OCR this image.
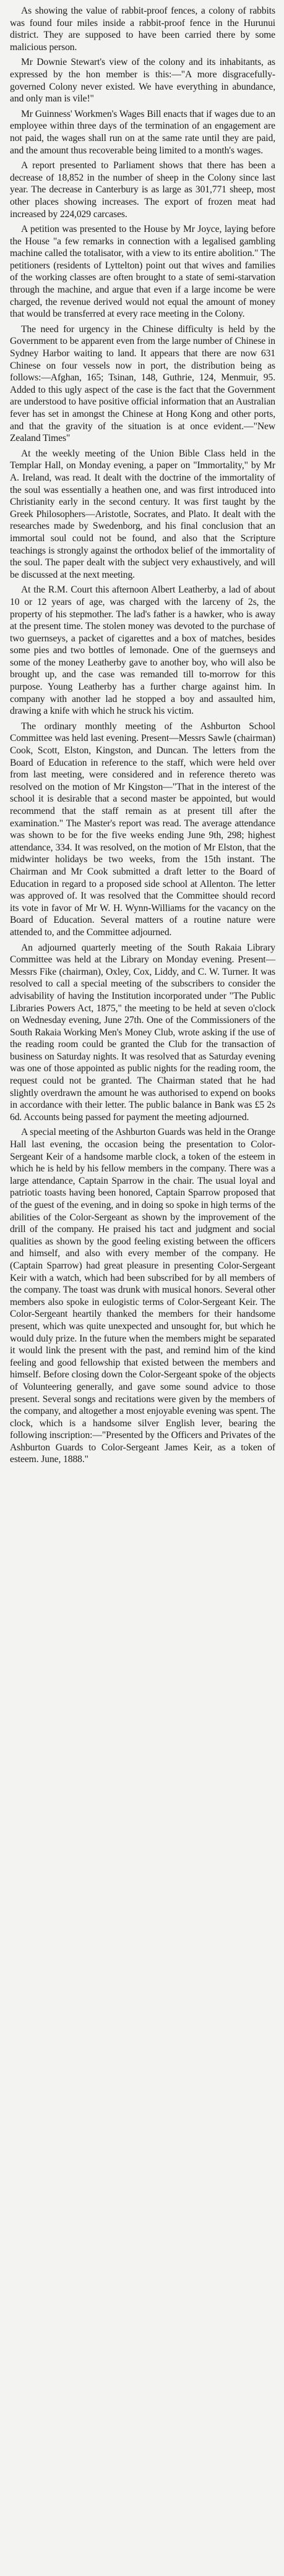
As showing the value of rabbit-proof fences, a colony of rabbits was found four miles inside a rabbit-proof fence in the Hurunui district. They are supposed to have been carried there by some malicious person.

Mr Downie Stewart's view of the colony and its inhabitants, as expressed by the hon member is this:—"A more disgracefully-governed Colony never existed. We have everything in abundance, and only man is vile!"

Mr Guinness' Workmen's Wages Bill enacts that if wages due to an employee within three days of the termination of an engagement are not paid, the wages shall run on at the same rate until they are paid, and the amount thus recoverable being limited to a month's wages.

A report presented to Parliament shows that there has been a decrease of 18,852 in the number of sheep in the Colony since last year. The decrease in Canterbury is as large as 301,771 sheep, most other places showing increases. The export of frozen meat had increased by 224,029 carcases.

A petition was presented to the House by Mr Joyce, laying before the House "a few remarks in connection with a legalised gambling machine called the totalisator, with a view to its entire abolition." The petitioners (residents of Lyttelton) point out that wives and families of the working classes are often brought to a state of semi-starvation through the machine, and argue that even if a large income be were charged, the revenue derived would not equal the amount of money that would be transferred at every race meeting in the Colony.

The need for urgency in the Chinese difficulty is held by the Government to be apparent even from the large number of Chinese in Sydney Harbor waiting to land. It appears that there are now 631 Chinese on four vessels now in port, the distribution being as follows:—Afghan, 165; Tsinan, 148, Guthrie, 124, Menmuir, 95. Added to this ugly aspect of the case is the fact that the Government are understood to have positive official information that an Australian fever has set in amongst the Chinese at Hong Kong and other ports, and that the gravity of the situation is at once evident.—"New Zealand Times"

At the weekly meeting of the Union Bible Class held in the Templar Hall, on Monday evening, a paper on "Immortality," by Mr A. Ireland, was read. It dealt with the doctrine of the immortality of the soul was essentially a heathen one, and was first introduced into Christianity early in the second century. It was first taught by the Greek Philosophers—Aristotle, Socrates, and Plato. It dealt with the researches made by Swedenborg, and his final conclusion that an immortal soul could not be found, and also that the Scripture teachings is strongly against the orthodox belief of the immortality of the soul. The paper dealt with the subject very exhaustively, and will be discussed at the next meeting.

At the R.M. Court this afternoon Albert Leatherby, a lad of about 10 or 12 years of age, was charged with the larceny of 2s, the property of his stepmother. The lad's father is a hawker, who is away at the present time. The stolen money was devoted to the purchase of two guernseys, a packet of cigarettes and a box of matches, besides some pies and two bottles of lemonade. One of the guernseys and some of the money Leatherby gave to another boy, who will also be brought up, and the case was remanded till to-morrow for this purpose. Young Leatherby has a further charge against him. In company with another lad he stopped a boy and assaulted him, drawing a knife with which he struck his victim.

The ordinary monthly meeting of the Ashburton School Committee was held last evening. Present—Messrs Sawle (chairman) Cook, Scott, Elston, Kingston, and Duncan. The letters from the Board of Education in reference to the staff, which were held over from last meeting, were considered and in reference thereto was resolved on the motion of Mr Kingston—"That in the interest of the school it is desirable that a second master be appointed, but would recommend that the staff remain as at present till after the examination." The Master's report was read. The average attendance was shown to be for the five weeks ending June 9th, 298; highest attendance, 334. It was resolved, on the motion of Mr Elston, that the midwinter holidays be two weeks, from the 15th instant. The Chairman and Mr Cook submitted a draft letter to the Board of Education in regard to a proposed side school at Allenton. The letter was approved of. It was resolved that the Committee should record its vote in favor of Mr W. H. Wynn-Williams for the vacancy on the Board of Education. Several matters of a routine nature were attended to, and the Committee adjourned.

An adjourned quarterly meeting of the South Rakaia Library Committee was held at the Library on Monday evening. Present—Messrs Fike (chairman), Oxley, Cox, Liddy, and C. W. Turner. It was resolved to call a special meeting of the subscribers to consider the advisability of having the Institution incorporated under "The Public Libraries Powers Act, 1875," the meeting to be held at seven o'clock on Wednesday evening, June 27th. One of the Commissioners of the South Rakaia Working Men's Money Club, wrote asking if the use of the reading room could be granted the Club for the transaction of business on Saturday nights. It was resolved that as Saturday evening was one of those appointed as public nights for the reading room, the request could not be granted. The Chairman stated that he had slightly overdrawn the amount he was authorised to expend on books in accordance with their letter. The public balance in Bank was £5 2s 6d. Accounts being passed for payment the meeting adjourned.

A special meeting of the Ashburton Guards was held in the Orange Hall last evening, the occasion being the presentation to Color-Sergeant Keir of a handsome marble clock, a token of the esteem in which he is held by his fellow members in the company. There was a large attendance, Captain Sparrow in the chair. The usual loyal and patriotic toasts having been honored, Captain Sparrow proposed that of the guest of the evening, and in doing so spoke in high terms of the abilities of the Color-Sergeant as shown by the improvement of the drill of the company. He praised his tact and judgment and social qualities as shown by the good feeling existing between the officers and himself, and also with every member of the company. He (Captain Sparrow) had great pleasure in presenting Color-Sergeant Keir with a watch, which had been subscribed for by all members of the company. The toast was drunk with musical honors. Several other members also spoke in eulogistic terms of Color-Sergeant Keir. The Color-Sergeant heartily thanked the members for their handsome present, which was quite unexpected and unsought for, but which he would duly prize. In the future when the members might be separated it would link the present with the past, and remind him of the kind feeling and good fellowship that existed between the members and himself. Before closing down the Color-Sergeant spoke of the objects of Volunteering generally, and gave some sound advice to those present. Several songs and recitations were given by the members of the company, and altogether a most enjoyable evening was spent. The clock, which is a handsome silver English lever, bearing the following inscription:—"Presented by the Officers and Privates of the Ashburton Guards to Color-Sergeant James Keir, as a token of esteem. June, 1888."
